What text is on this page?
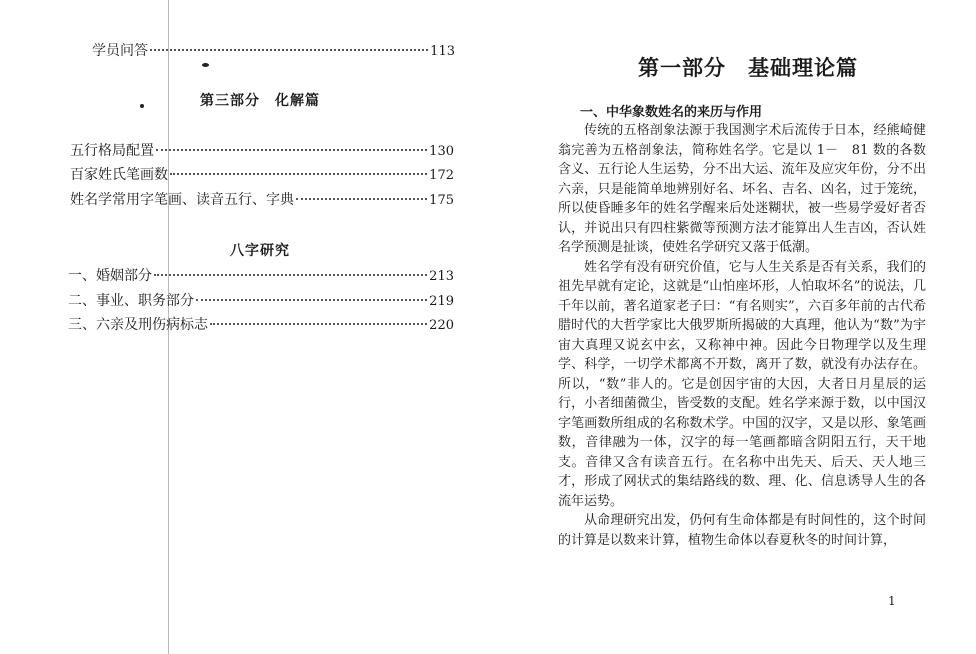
学员问答	113
第三部分　化解篇
五行格局配置	130
百家姓氏笔画数	172
姓名学常用字笔画、读音五行、字典	175
八字研究
一、婚姻部分	213
二、事业、职务部分	219
三、六亲及刑伤病标志	220
第一部分　基础理论篇
一、中华象数姓名的来历与作用

传统的五格剖象法源于我国测字术后流传于日本，经熊崎健翁完善为五格剖象法，简称姓名学。它是以 1－　81 数的各数含义、五行论人生运势，分不出大运、流年及应灾年份，分不出六亲，只是能简单地辨别好名、坏名、吉名、凶名，过于笼统，所以使昏睡多年的姓名学醒来后处迷糊状，被一些易学爱好者否认，并说出只有四柱紫微等预测方法才能算出人生吉凶，否认姓名学预测是扯谈，使姓名学研究又落于低潮。

姓名学有没有研究价值，它与人生关系是否有关系，我们的祖先早就有定论，这就是“山怕座坏形，人怕取坏名”的说法，几千年以前，著名道家老子曰：“有名则实”，六百多年前的古代希腊时代的大哲学家比大俄罗斯所揭破的大真理，他认为“数”为宇宙大真理又说玄中玄，又称神中神。因此今日物理学以及生理学、科学，一切学术都离不开数，离开了数，就没有办法存在。所以，“数”非人的。它是创因宇宙的大因，大者日月星辰的运行，小者细菌微尘，皆受数的支配。姓名学来源于数，以中国汉字笔画数所组成的名称数术学。中国的汉字，又是以形、象笔画数，音律融为一体，汉字的每一笔画都暗含阴阳五行，天干地支。音律又含有读音五行。在名称中出先天、后天、天人地三才，形成了网状式的集结路线的数、理、化、信息诱导人生的各流年运势。

从命理研究出发，仍何有生命体都是有时间性的，这个时间的计算是以数来计算，植物生命体以春夏秋冬的时间计算，

1
